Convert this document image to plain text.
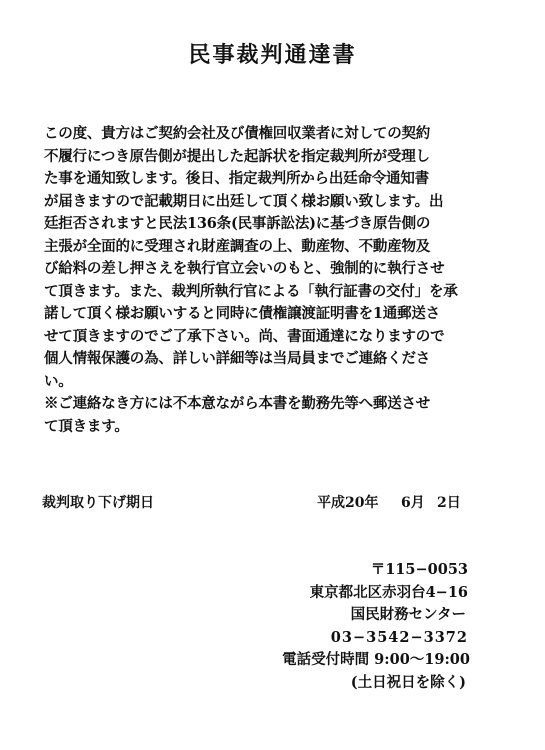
民事裁判通達書

この度、貴方はご契約会社及び債権回収業者に対しての契約

不履行につき原告側が提出した起訴状を指定裁判所が受理し

た事を通知致します。後日、指定裁判所から出廷命令通知書

が届きますので記載期日に出廷して頂く様お願い致します。出

廷拒否されますと民法136条(民事訴訟法)に基づき原告側の

主張が全面的に受理され財産調査の上、動産物、不動産物及

び給料の差し押さえを執行官立会いのもと、強制的に執行させ

て頂きます。また、裁判所執行官による「執行証書の交付」を承

諾して頂く様お願いすると同時に債権譲渡証明書を1通郵送さ

せて頂きますのでご了承下さい。尚、書面通達になりますので

個人情報保護の為、詳しい詳細等は当局員までご連絡くださ

い。

※ご連絡なき方には不本意ながら本書を勤務先等へ郵送させ

て頂きます。

裁判取り下げ期日	平成20年 6月 2日
〒115−0053
東京都北区赤羽台4−16
国民財務センター
03−3542−3372
電話受付時間 9:00〜19:00
(土日祝日を除く)
